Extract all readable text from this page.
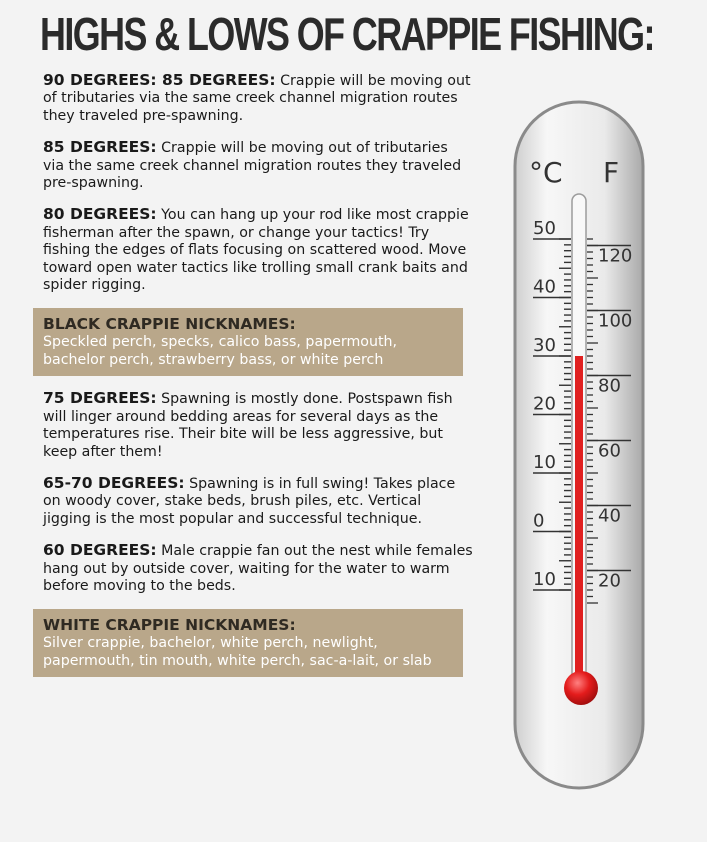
HIGHS & LOWS OF CRAPPIE FISHING:
90 DEGREES: 85 DEGREES: Crappie will be moving out of tributaries via the same creek channel migration routes they traveled pre-spawning.
85 DEGREES: Crappie will be moving out of tributaries via the same creek channel migration routes they traveled pre-spawning.
80 DEGREES: You can hang up your rod like most crappie fisherman after the spawn, or change your tactics! Try fishing the edges of flats focusing on scattered wood. Move toward open water tactics like trolling small crank baits and spider rigging.
BLACK CRAPPIE NICKNAMES:
Speckled perch, specks, calico bass, papermouth, bachelor perch, strawberry bass, or white perch
75 DEGREES: Spawning is mostly done. Postspawn fish will linger around bedding areas for several days as the temperatures rise. Their bite will be less aggressive, but keep after them!
65-70 DEGREES: Spawning is in full swing! Takes place on woody cover, stake beds, brush piles, etc. Vertical jigging is the most popular and successful technique.
60 DEGREES: Male crappie fan out the nest while females hang out by outside cover, waiting for the water to warm before moving to the beds.
WHITE CRAPPIE NICKNAMES:
Silver crappie, bachelor, white perch, newlight, papermouth, tin mouth, white perch, sac-a-lait, or slab
°C F
50
40
30
20
10
0
10
120
100
80
60
40
20
